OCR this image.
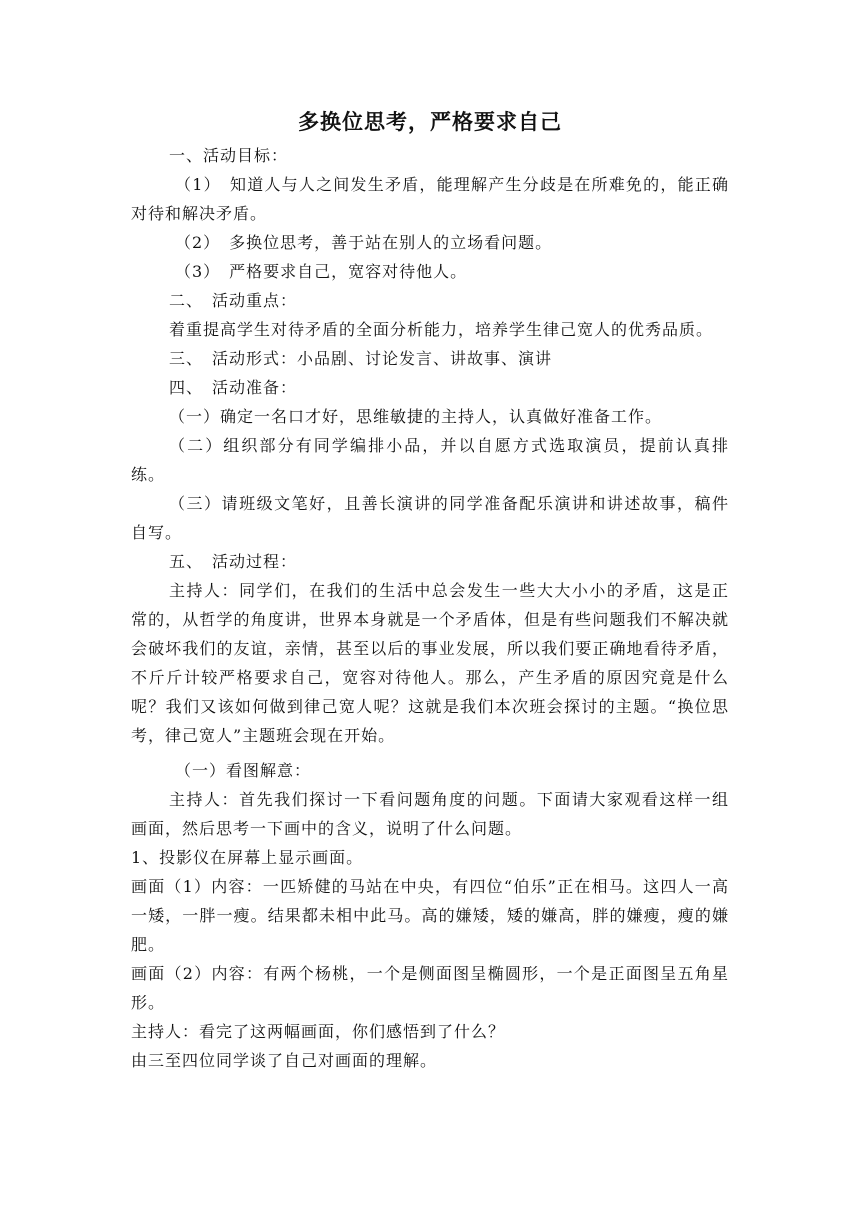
多换位思考，严格要求自己

一、活动目标：

（1）　知道人与人之间发生矛盾，能理解产生分歧是在所难免的，能正确对待和解决矛盾。

（2）　多换位思考，善于站在别人的立场看问题。

（3）　严格要求自己，宽容对待他人。

二、　活动重点：

着重提高学生对待矛盾的全面分析能力，培养学生律己宽人的优秀品质。

三、　活动形式：小品剧、讨论发言、讲故事、演讲

四、　活动准备：

（一）确定一名口才好，思维敏捷的主持人，认真做好准备工作。

（二）组织部分有同学编排小品，并以自愿方式选取演员，提前认真排练。

（三）请班级文笔好，且善长演讲的同学准备配乐演讲和讲述故事，稿件自写。

五、　活动过程：

主持人：同学们，在我们的生活中总会发生一些大大小小的矛盾，这是正常的，从哲学的角度讲，世界本身就是一个矛盾体，但是有些问题我们不解决就会破坏我们的友谊，亲情，甚至以后的事业发展，所以我们要正确地看待矛盾，不斤斤计较严格要求自己，宽容对待他人。那么，产生矛盾的原因究竟是什么呢？我们又该如何做到律己宽人呢？这就是我们本次班会探讨的主题。“换位思考，律己宽人”主题班会现在开始。

（一）看图解意：

主持人：首先我们探讨一下看问题角度的问题。下面请大家观看这样一组画面，然后思考一下画中的含义，说明了什么问题。

1、投影仪在屏幕上显示画面。

画面（1）内容：一匹矫健的马站在中央，有四位“伯乐”正在相马。这四人一高一矮，一胖一瘦。结果都未相中此马。高的嫌矮，矮的嫌高，胖的嫌瘦，瘦的嫌肥。

画面（2）内容：有两个杨桃，一个是侧面图呈椭圆形，一个是正面图呈五角星形。

主持人：看完了这两幅画面，你们感悟到了什么？

由三至四位同学谈了自己对画面的理解。
